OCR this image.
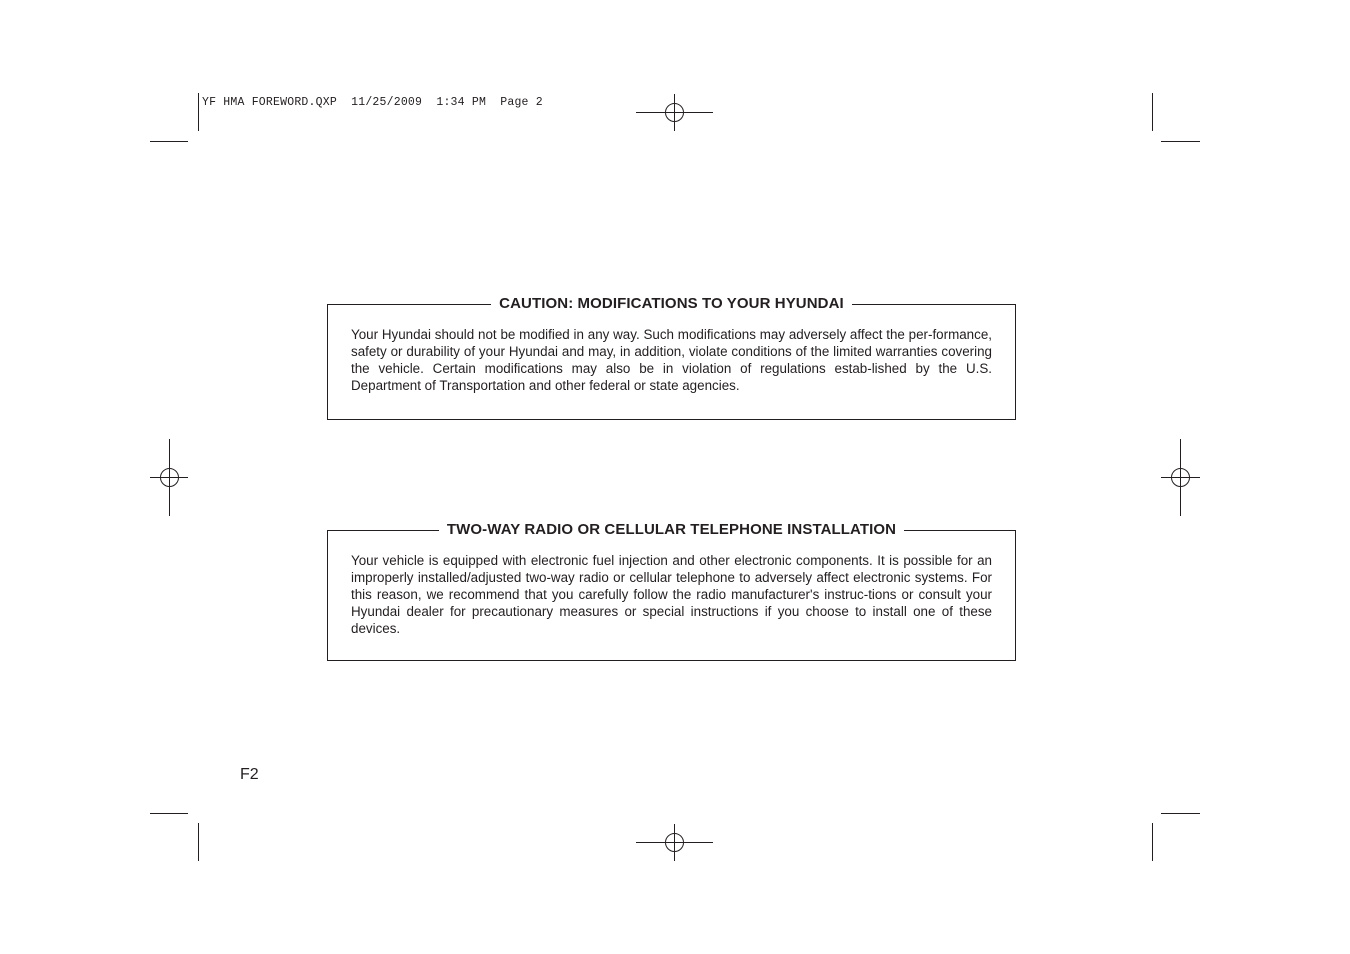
YF HMA FOREWORD.QXP  11/25/2009  1:34 PM  Page 2
CAUTION: MODIFICATIONS TO YOUR HYUNDAI

Your Hyundai should not be modified in any way. Such modifications may adversely affect the per-formance, safety or durability of your Hyundai and may, in addition, violate conditions of the limited warranties covering the vehicle. Certain modifications may also be in violation of regulations estab-lished by the U.S. Department of Transportation and other federal or state agencies.

TWO-WAY RADIO OR CELLULAR TELEPHONE INSTALLATION

Your vehicle is equipped with electronic fuel injection and other electronic components. It is possible for an improperly installed/adjusted two-way radio or cellular telephone to adversely affect electronic systems. For this reason, we recommend that you carefully follow the radio manufacturer's instruc-tions or consult your Hyundai dealer for precautionary measures or special instructions if you choose to install one of these devices.

F2
